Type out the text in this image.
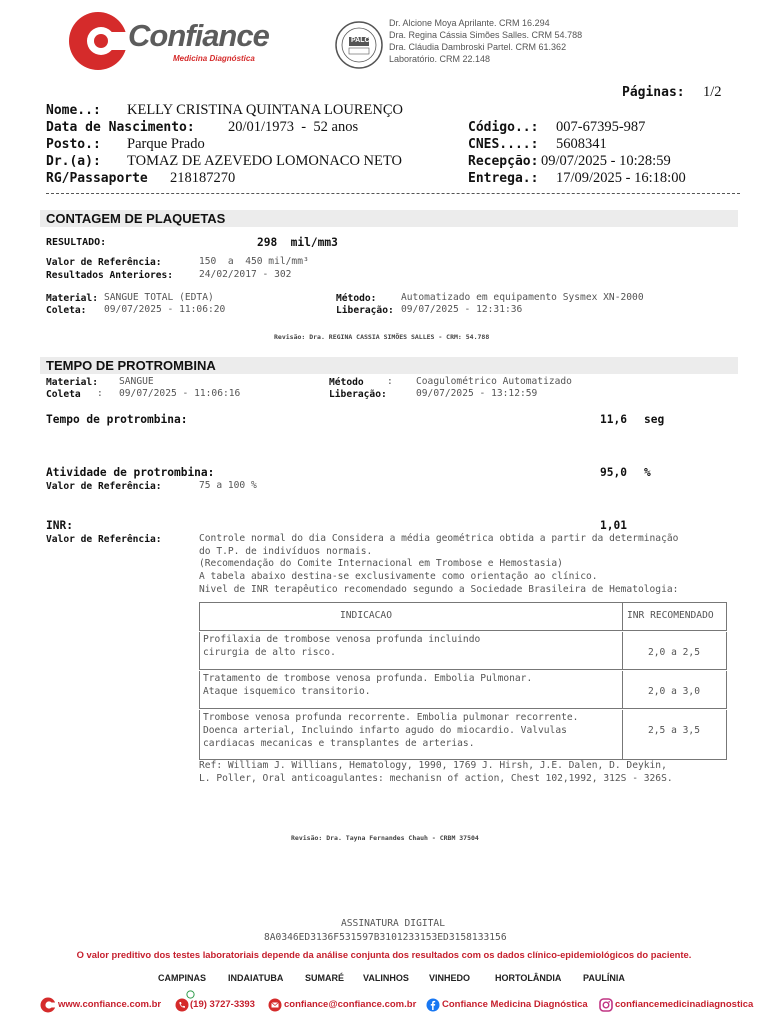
Confiance
Medicina Diagnóstica
PALC
Dr. Alcione Moya Aprilante. CRM 16.294
Dra. Regina Cássia Simões Salles. CRM 54.788
Dra. Cláudia Dambroski Partel. CRM 61.362
Laboratório. CRM 22.148
Páginas: 1/2
Nome..: KELLY CRISTINA QUINTANA LOURENÇO
Data de Nascimento: 20/01/1973  -  52 anos
Posto.: Parque Prado
Dr.(a): TOMAZ DE AZEVEDO LOMONACO NETO
RG/Passaporte 218187270
Código..: 007-67395-987
CNES....: 5608341
Recepção: 09/07/2025 - 10:28:59
Entrega.: 17/09/2025 - 16:18:00
CONTAGEM DE PLAQUETAS
RESULTADO:	298  mil/mm3
Valor de Referência:	150  a  450 mil/mm³
Resultados Anteriores:	24/02/2017 - 302
Material: SANGUE TOTAL (EDTA)	Método:	Automatizado em equipamento Sysmex XN-2000
Coleta: 09/07/2025 - 11:06:20	Liberação: 09/07/2025 - 12:31:36
Revisão: Dra. REGINA CASSIA SIMÕES SALLES - CRM: 54.788
TEMPO DE PROTROMBINA
Material: SANGUE	Método : Coagulométrico Automatizado
Coleta : 09/07/2025 - 11:06:16	Liberação:	09/07/2025 - 13:12:59
Tempo de protrombina:	11,6 seg
Atividade de protrombina:	95,0 %
Valor de Referência:	75 a 100 %
INR:	1,01
Valor de Referência:	Controle normal do dia Considera a média geométrica obtida a partir da determinação
do T.P. de indivíduos normais.
(Recomendação do Comite Internacional em Trombose e Hemostasia)
A tabela abaixo destina-se exclusivamente como orientação ao clínico.
Nivel de INR terapêutico recomendado segundo a Sociedade Brasileira de Hematologia:
INDICACAO	INR RECOMENDADO
Profilaxia de trombose venosa profunda incluindo
cirurgia de alto risco.	2,0 a 2,5
Tratamento de trombose venosa profunda. Embolia Pulmonar.
Ataque isquemico transitorio.	2,0 a 3,0
Trombose venosa profunda recorrente. Embolia pulmonar recorrente.
Doenca arterial, Incluindo infarto agudo do miocardio. Valvulas
cardiacas mecanicas e transplantes de arterias.
2,5 a 3,5
Ref: William J. Willians, Hematology, 1990, 1769 J. Hirsh, J.E. Dalen, D. Deykin,
L. Poller, Oral anticoagulantes: mechanisn of action, Chest 102,1992, 312S - 326S.
Revisão: Dra. Tayna Fernandes Chauh - CRBM 37504
ASSINATURA DIGITAL
8A0346ED3136F531597B3101233153ED3158133156
O valor preditivo dos testes laboratoriais depende da análise conjunta dos resultados com os dados clínico-epidemiológicos do paciente.
CAMPINAS INDAIATUBA SUMARÉ VALINHOS VINHEDO	HORTOLÂNDIA PAULÍNIA
www.confiance.com.br	(19) 3727-3393	confiance@confiance.com.br	Confiance Medicina Diagnóstica	confiancemedicinadiagnostica
